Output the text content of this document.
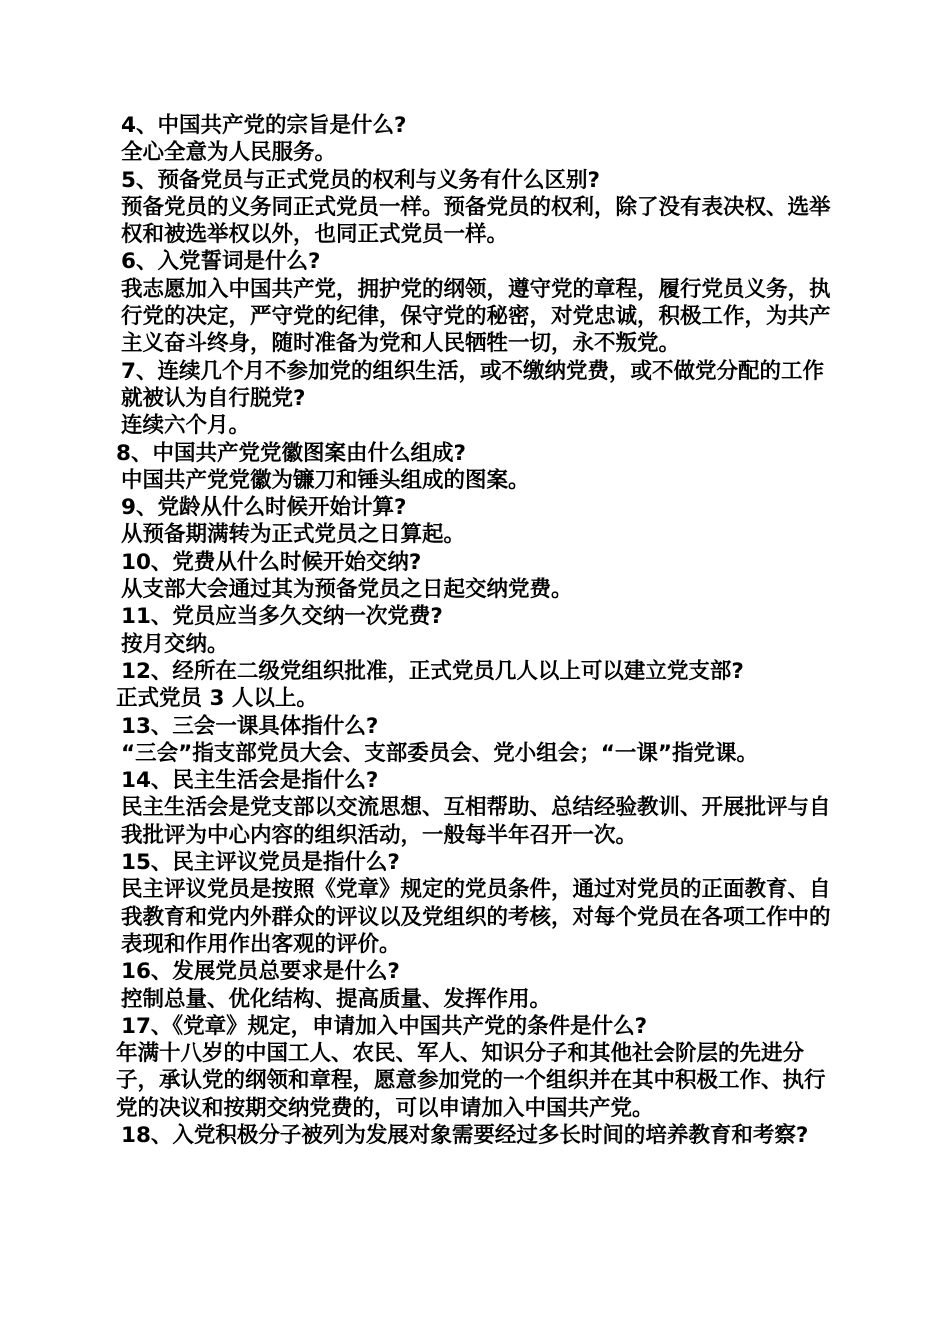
4、中国共产党的宗旨是什么?

全心全意为人民服务。

5、预备党员与正式党员的权利与义务有什么区别?

预备党员的义务同正式党员一样。预备党员的权利，除了没有表决权、选举权和被选举权以外，也同正式党员一样。

6、入党誓词是什么?

我志愿加入中国共产党，拥护党的纲领，遵守党的章程，履行党员义务，执行党的决定，严守党的纪律，保守党的秘密，对党忠诚，积极工作，为共产主义奋斗终身，随时准备为党和人民牺牲一切，永不叛党。

7、连续几个月不参加党的组织生活，或不缴纳党费，或不做党分配的工作就被认为自行脱党?

连续六个月。

8、中国共产党党徽图案由什么组成?

中国共产党党徽为镰刀和锤头组成的图案。

9、党龄从什么时候开始计算?

从预备期满转为正式党员之日算起。

10、党费从什么时候开始交纳?

从支部大会通过其为预备党员之日起交纳党费。

11、党员应当多久交纳一次党费?

按月交纳。

12、经所在二级党组织批准，正式党员几人以上可以建立党支部?

正式党员 3 人以上。

13、三会一课具体指什么?

“三会”指支部党员大会、支部委员会、党小组会；“一课”指党课。

14、民主生活会是指什么?

民主生活会是党支部以交流思想、互相帮助、总结经验教训、开展批评与自我批评为中心内容的组织活动，一般每半年召开一次。

15、民主评议党员是指什么?

民主评议党员是按照《党章》规定的党员条件，通过对党员的正面教育、自我教育和党内外群众的评议以及党组织的考核，对每个党员在各项工作中的表现和作用作出客观的评价。

16、发展党员总要求是什么?

控制总量、优化结构、提高质量、发挥作用。

17、《党章》规定，申请加入中国共产党的条件是什么?

年满十八岁的中国工人、农民、军人、知识分子和其他社会阶层的先进分子，承认党的纲领和章程，愿意参加党的一个组织并在其中积极工作、执行党的决议和按期交纳党费的，可以申请加入中国共产党。

18、入党积极分子被列为发展对象需要经过多长时间的培养教育和考察?
